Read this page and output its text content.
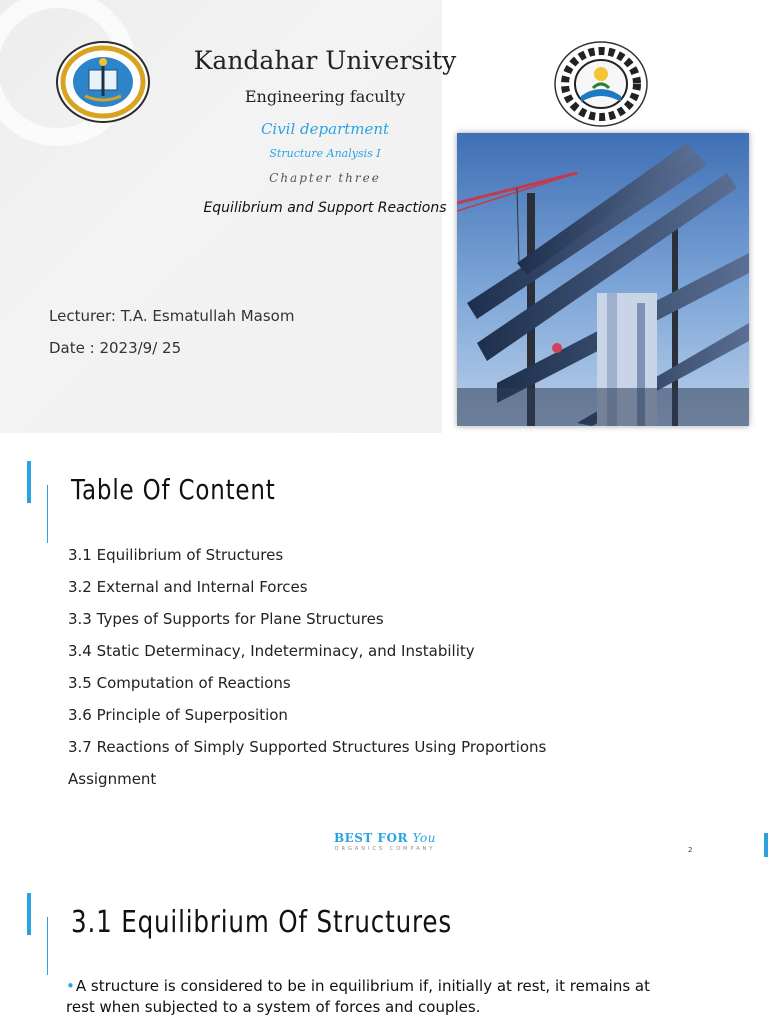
Kandahar University
Engineering faculty
Civil department
Structure Analysis I
Chapter three
Equilibrium and Support Reactions
Lecturer: T.A. Esmatullah Masom
Date : 2023/9/ 25
Table Of Content
3.1 Equilibrium of Structures
3.2 External and Internal Forces
3.3 Types of Supports for Plane Structures
3.4 Static Determinacy, Indeterminacy, and Instability
3.5 Computation of Reactions
3.6 Principle of Superposition
3.7 Reactions of Simply Supported Structures Using Proportions
Assignment
BEST FOR You
ORGANICS COMPANY	2
3.1 Equilibrium Of Structures
•A structure is considered to be in equilibrium if, initially at rest, it remains at rest when subjected to a system of forces and couples.
